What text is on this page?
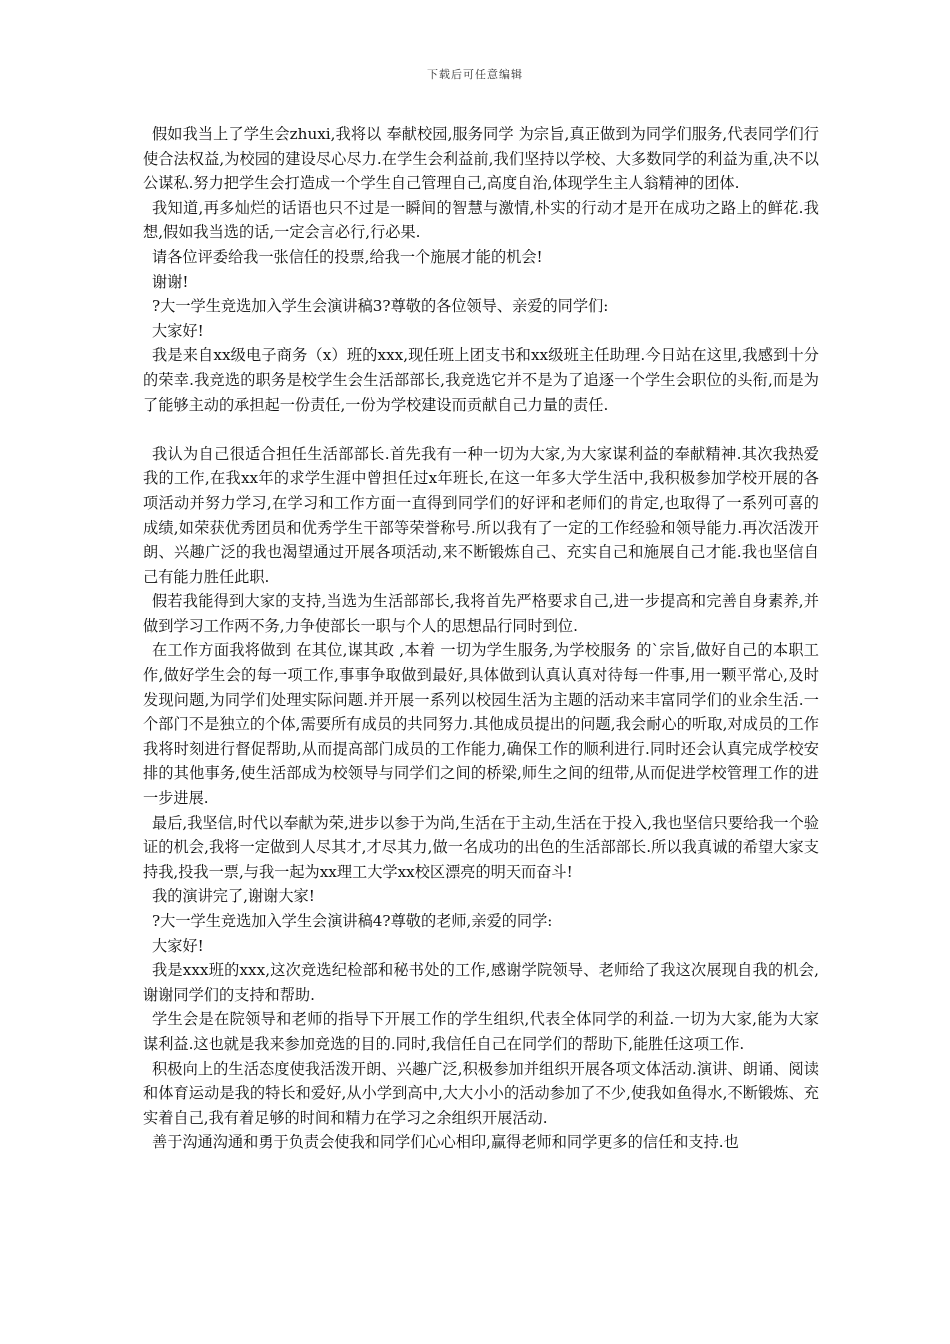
下载后可任意编辑

假如我当上了学生会zhuxi,我将以 奉献校园,服务同学 为宗旨,真正做到为同学们服务,代表同学们行使合法权益,为校园的建设尽心尽力.在学生会利益前,我们坚持以学校、大多数同学的利益为重,决不以公谋私.努力把学生会打造成一个学生自己管理自己,高度自治,体现学生主人翁精神的团体.

我知道,再多灿烂的话语也只不过是一瞬间的智慧与激情,朴实的行动才是开在成功之路上的鲜花.我想,假如我当选的话,一定会言必行,行必果.

请各位评委给我一张信任的投票,给我一个施展才能的机会!

谢谢!

?大一学生竞选加入学生会演讲稿3?尊敬的各位领导、亲爱的同学们:

大家好!

我是来自xx级电子商务（x）班的xxx,现任班上团支书和xx级班主任助理.今日站在这里,我感到十分的荣幸.我竞选的职务是校学生会生活部部长,我竞选它并不是为了追逐一个学生会职位的头衔,而是为了能够主动的承担起一份责任,一份为学校建设而贡献自己力量的责任.

我认为自己很适合担任生活部部长.首先我有一种一切为大家,为大家谋利益的奉献精神.其次我热爱我的工作,在我xx年的求学生涯中曾担任过x年班长,在这一年多大学生活中,我积极参加学校开展的各项活动并努力学习,在学习和工作方面一直得到同学们的好评和老师们的肯定,也取得了一系列可喜的成绩,如荣获优秀团员和优秀学生干部等荣誉称号.所以我有了一定的工作经验和领导能力.再次活泼开朗、兴趣广泛的我也渴望通过开展各项活动,来不断锻炼自己、充实自己和施展自己才能.我也坚信自己有能力胜任此职.

假若我能得到大家的支持,当选为生活部部长,我将首先严格要求自己,进一步提高和完善自身素养,并做到学习工作两不务,力争使部长一职与个人的思想品行同时到位.

在工作方面我将做到 在其位,谋其政 ,本着 一切为学生服务,为学校服务 的`宗旨,做好自己的本职工作,做好学生会的每一项工作,事事争取做到最好,具体做到认真认真对待每一件事,用一颗平常心,及时发现问题,为同学们处理实际问题.并开展一系列以校园生活为主题的活动来丰富同学们的业余生活.一个部门不是独立的个体,需要所有成员的共同努力.其他成员提出的问题,我会耐心的听取,对成员的工作我将时刻进行督促帮助,从而提高部门成员的工作能力,确保工作的顺利进行.同时还会认真完成学校安排的其他事务,使生活部成为校领导与同学们之间的桥梁,师生之间的纽带,从而促进学校管理工作的进一步进展.

最后,我坚信,时代以奉献为荣,进步以参于为尚,生活在于主动,生活在于投入,我也坚信只要给我一个验证的机会,我将一定做到人尽其才,才尽其力,做一名成功的出色的生活部部长.所以我真诚的希望大家支持我,投我一票,与我一起为xx理工大学xx校区漂亮的明天而奋斗!

我的演讲完了,谢谢大家!

?大一学生竞选加入学生会演讲稿4?尊敬的老师,亲爱的同学:

大家好!

我是xxx班的xxx,这次竞选纪检部和秘书处的工作,感谢学院领导、老师给了我这次展现自我的机会,谢谢同学们的支持和帮助.

学生会是在院领导和老师的指导下开展工作的学生组织,代表全体同学的利益.一切为大家,能为大家谋利益.这也就是我来参加竞选的目的.同时,我信任自己在同学们的帮助下,能胜任这项工作.

积极向上的生活态度使我活泼开朗、兴趣广泛,积极参加并组织开展各项文体活动.演讲、朗诵、阅读和体育运动是我的特长和爱好,从小学到高中,大大小小的活动参加了不少,使我如鱼得水,不断锻炼、充实着自己,我有着足够的时间和精力在学习之余组织开展活动.

善于沟通沟通和勇于负责会使我和同学们心心相印,赢得老师和同学更多的信任和支持.也
